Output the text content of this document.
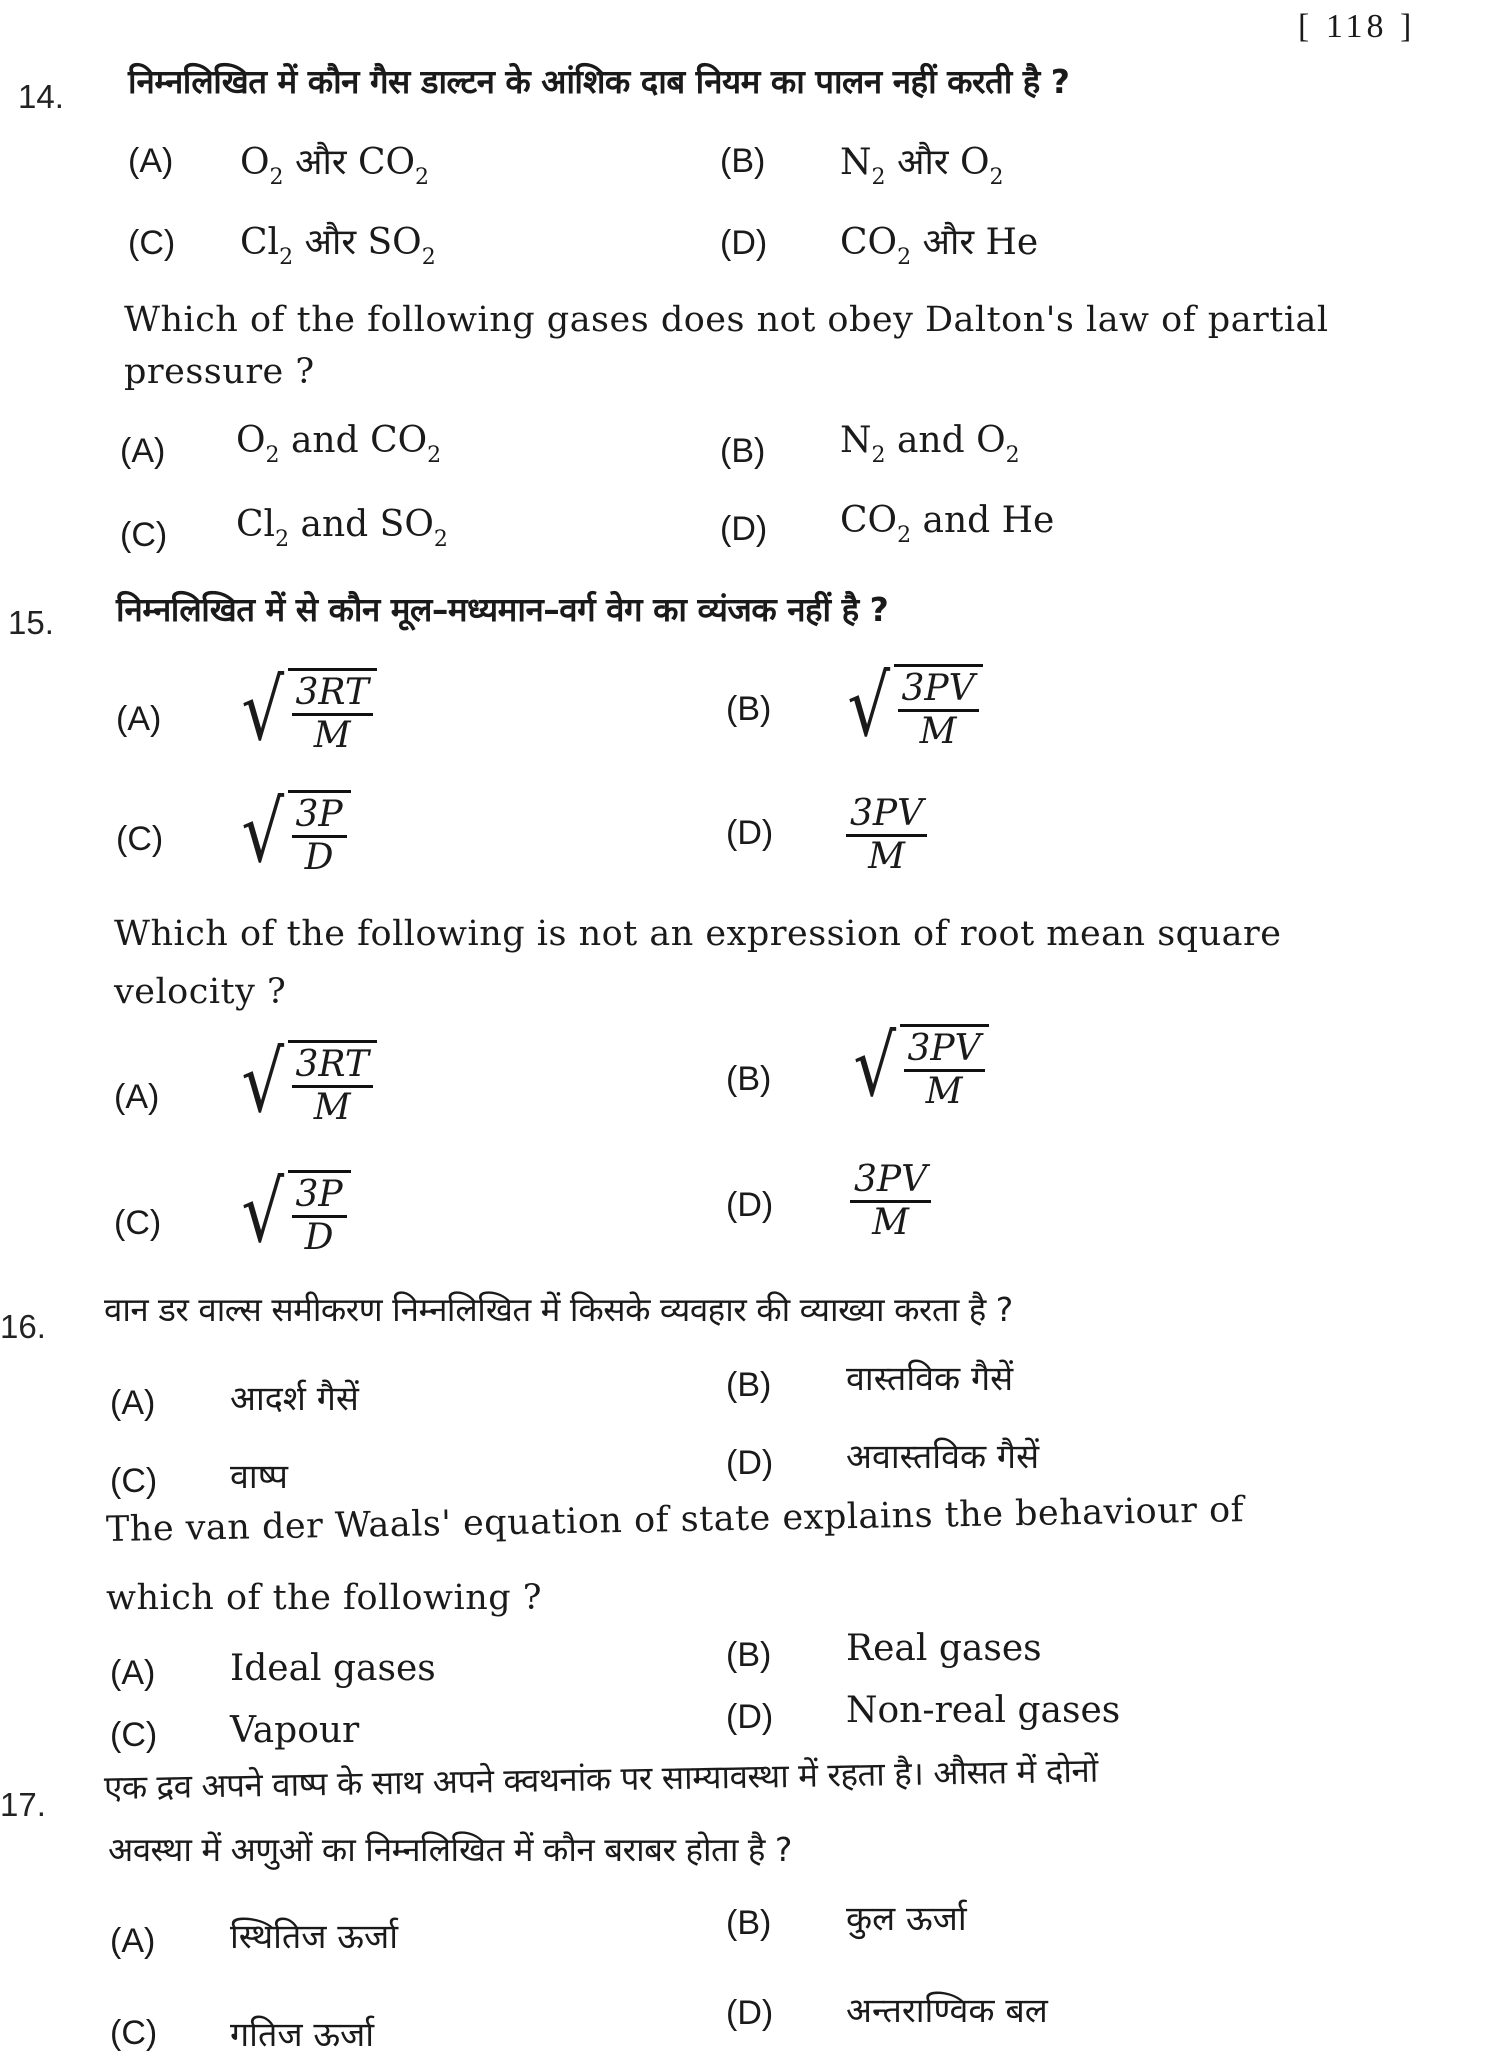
[ 118 ]
14. निम्नलिखित में कौन गैस डाल्टन के आंशिक दाब नियम का पालन नहीं करती है ?
(A) $O_2$ और $CO_2$	(B) $N_2$ और $O_2$
(C) $Cl_2$ और $SO_2$	(D) $CO_2$ और He
Which of the following gases does not obey Dalton's law of partial
pressure ?
(A) $O_2$ and $CO_2$	(B) $N_2$ and $O_2$
(C) $Cl_2$ and $SO_2$	(D) $CO_2$ and He
15. निम्नलिखित में से कौन मूल–मध्यमान–वर्ग वेग का व्यंजक नहीं है ?
(A) √ 3RT
M
(B) √ 3PV
M
(C) √ 3P
D
$(D) \frac{3PV}{M}$
Which of the following is not an expression of root mean square
velocity ?
(A) √ 3RT
M
(B) √ 3PV
M
(C) √ 3P
D
$(D) \frac{3PV}{M}$
16. वान डर वाल्स समीकरण निम्नलिखित में किसके व्यवहार की व्याख्या करता है ?
(A) आदर्श गैसें	(B) वास्तविक गैसें
(C) वाष्प	(D) अवास्तविक गैसें
The van der Waals' equation of state explains the behaviour of
which of the following ?
(A) Ideal gases	(B) Real gases
(C) Vapour	(D) Non-real gases
17. एक द्रव अपने वाष्प के साथ अपने क्वथनांक पर साम्यावस्था में रहता है। औसत में दोनों
अवस्था में अणुओं का निम्नलिखित में कौन बराबर होता है ?
(A) स्थितिज ऊर्जा	(B) कुल ऊर्जा
(C) गतिज ऊर्जा
(D) अन्तराण्विक बल
